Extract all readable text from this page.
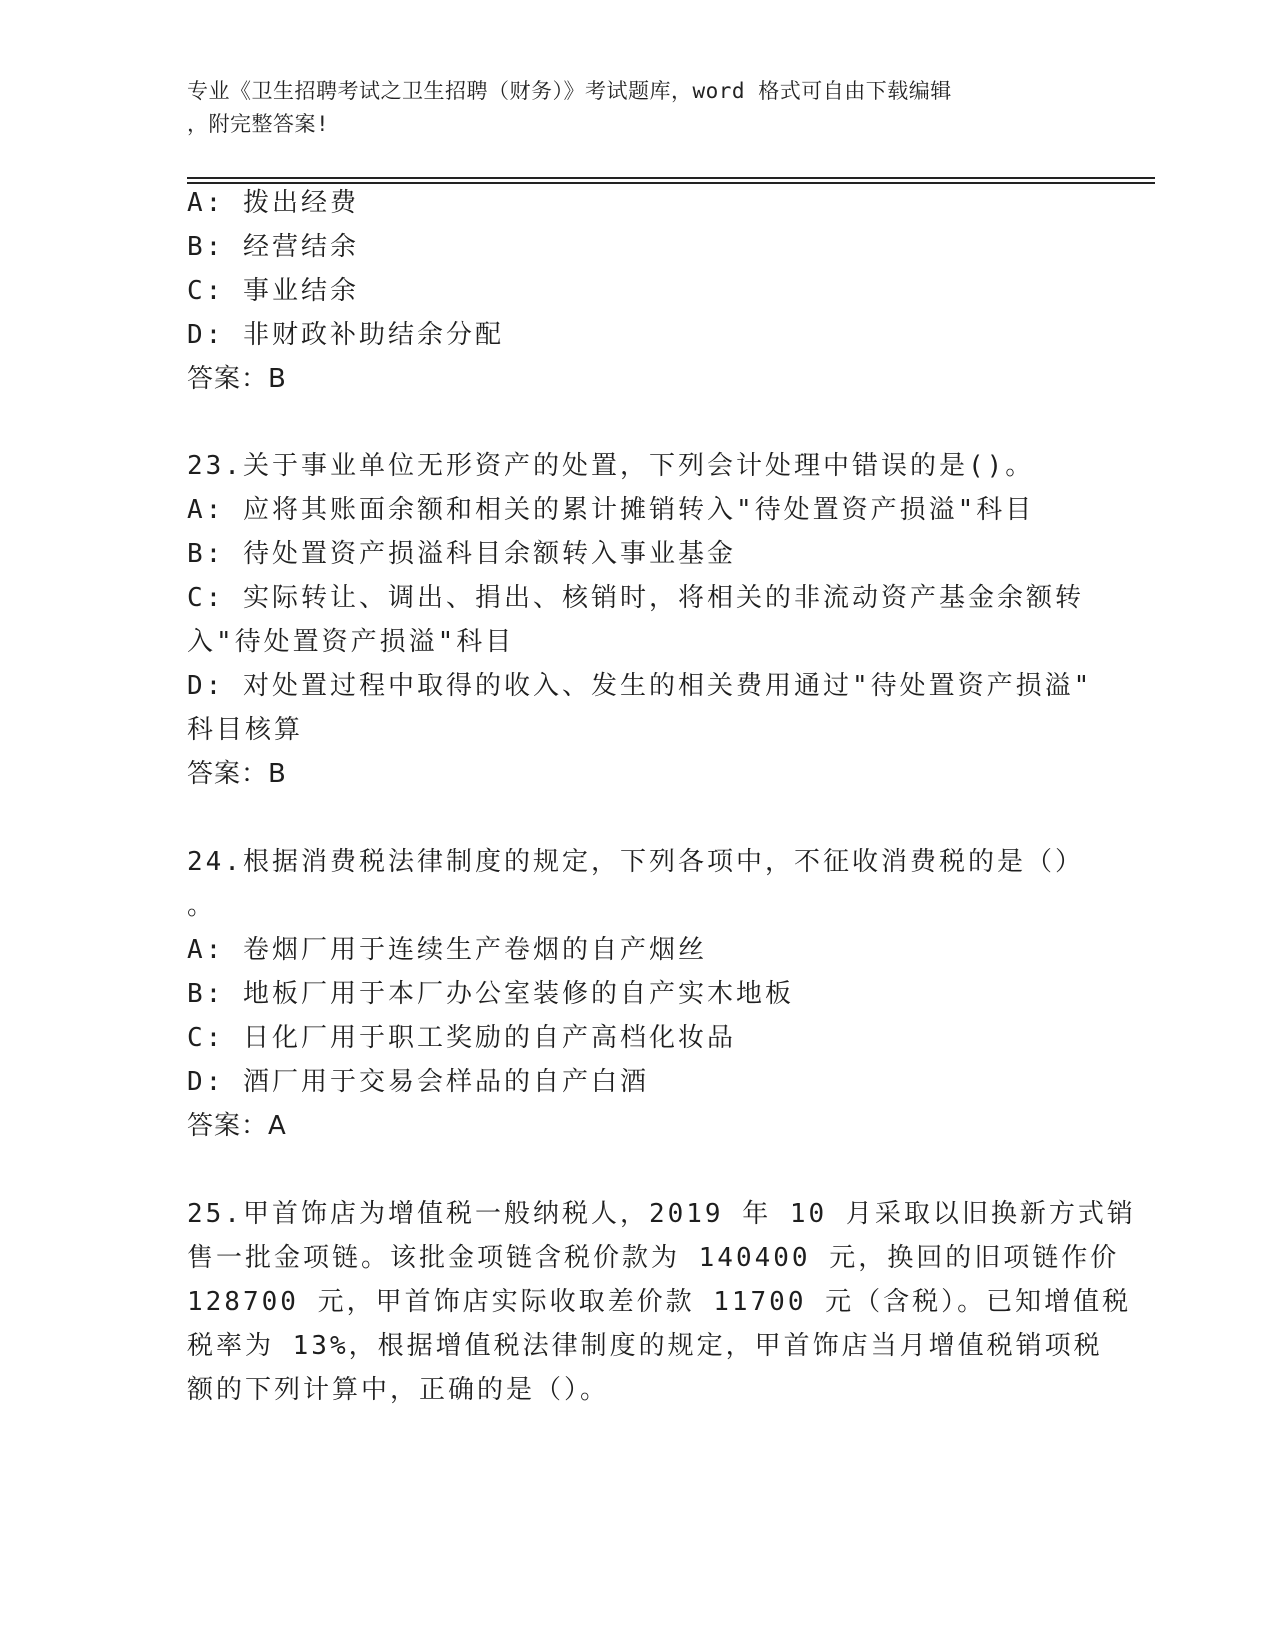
专业《卫生招聘考试之卫生招聘（财务）》考试题库，word 格式可自由下载编辑
，附完整答案!
A: 拨出经费
B: 经营结余
C: 事业结余
D: 非财政补助结余分配
答案：B
23.关于事业单位无形资产的处置，下列会计处理中错误的是()。
A: 应将其账面余额和相关的累计摊销转入"待处置资产损溢"科目
B: 待处置资产损溢科目余额转入事业基金
C: 实际转让、调出、捐出、核销时，将相关的非流动资产基金余额转
入"待处置资产损溢"科目
D: 对处置过程中取得的收入、发生的相关费用通过"待处置资产损溢"
科目核算
答案：B
24.根据消费税法律制度的规定，下列各项中，不征收消费税的是（）
。
A: 卷烟厂用于连续生产卷烟的自产烟丝
B: 地板厂用于本厂办公室装修的自产实木地板
C: 日化厂用于职工奖励的自产高档化妆品
D: 酒厂用于交易会样品的自产白酒
答案：A
25.甲首饰店为增值税一般纳税人，2019 年 10 月采取以旧换新方式销
售一批金项链。该批金项链含税价款为 140400 元，换回的旧项链作价
128700 元，甲首饰店实际收取差价款 11700 元（含税）。已知增值税
税率为 13%，根据增值税法律制度的规定，甲首饰店当月增值税销项税
额的下列计算中，正确的是（）。
